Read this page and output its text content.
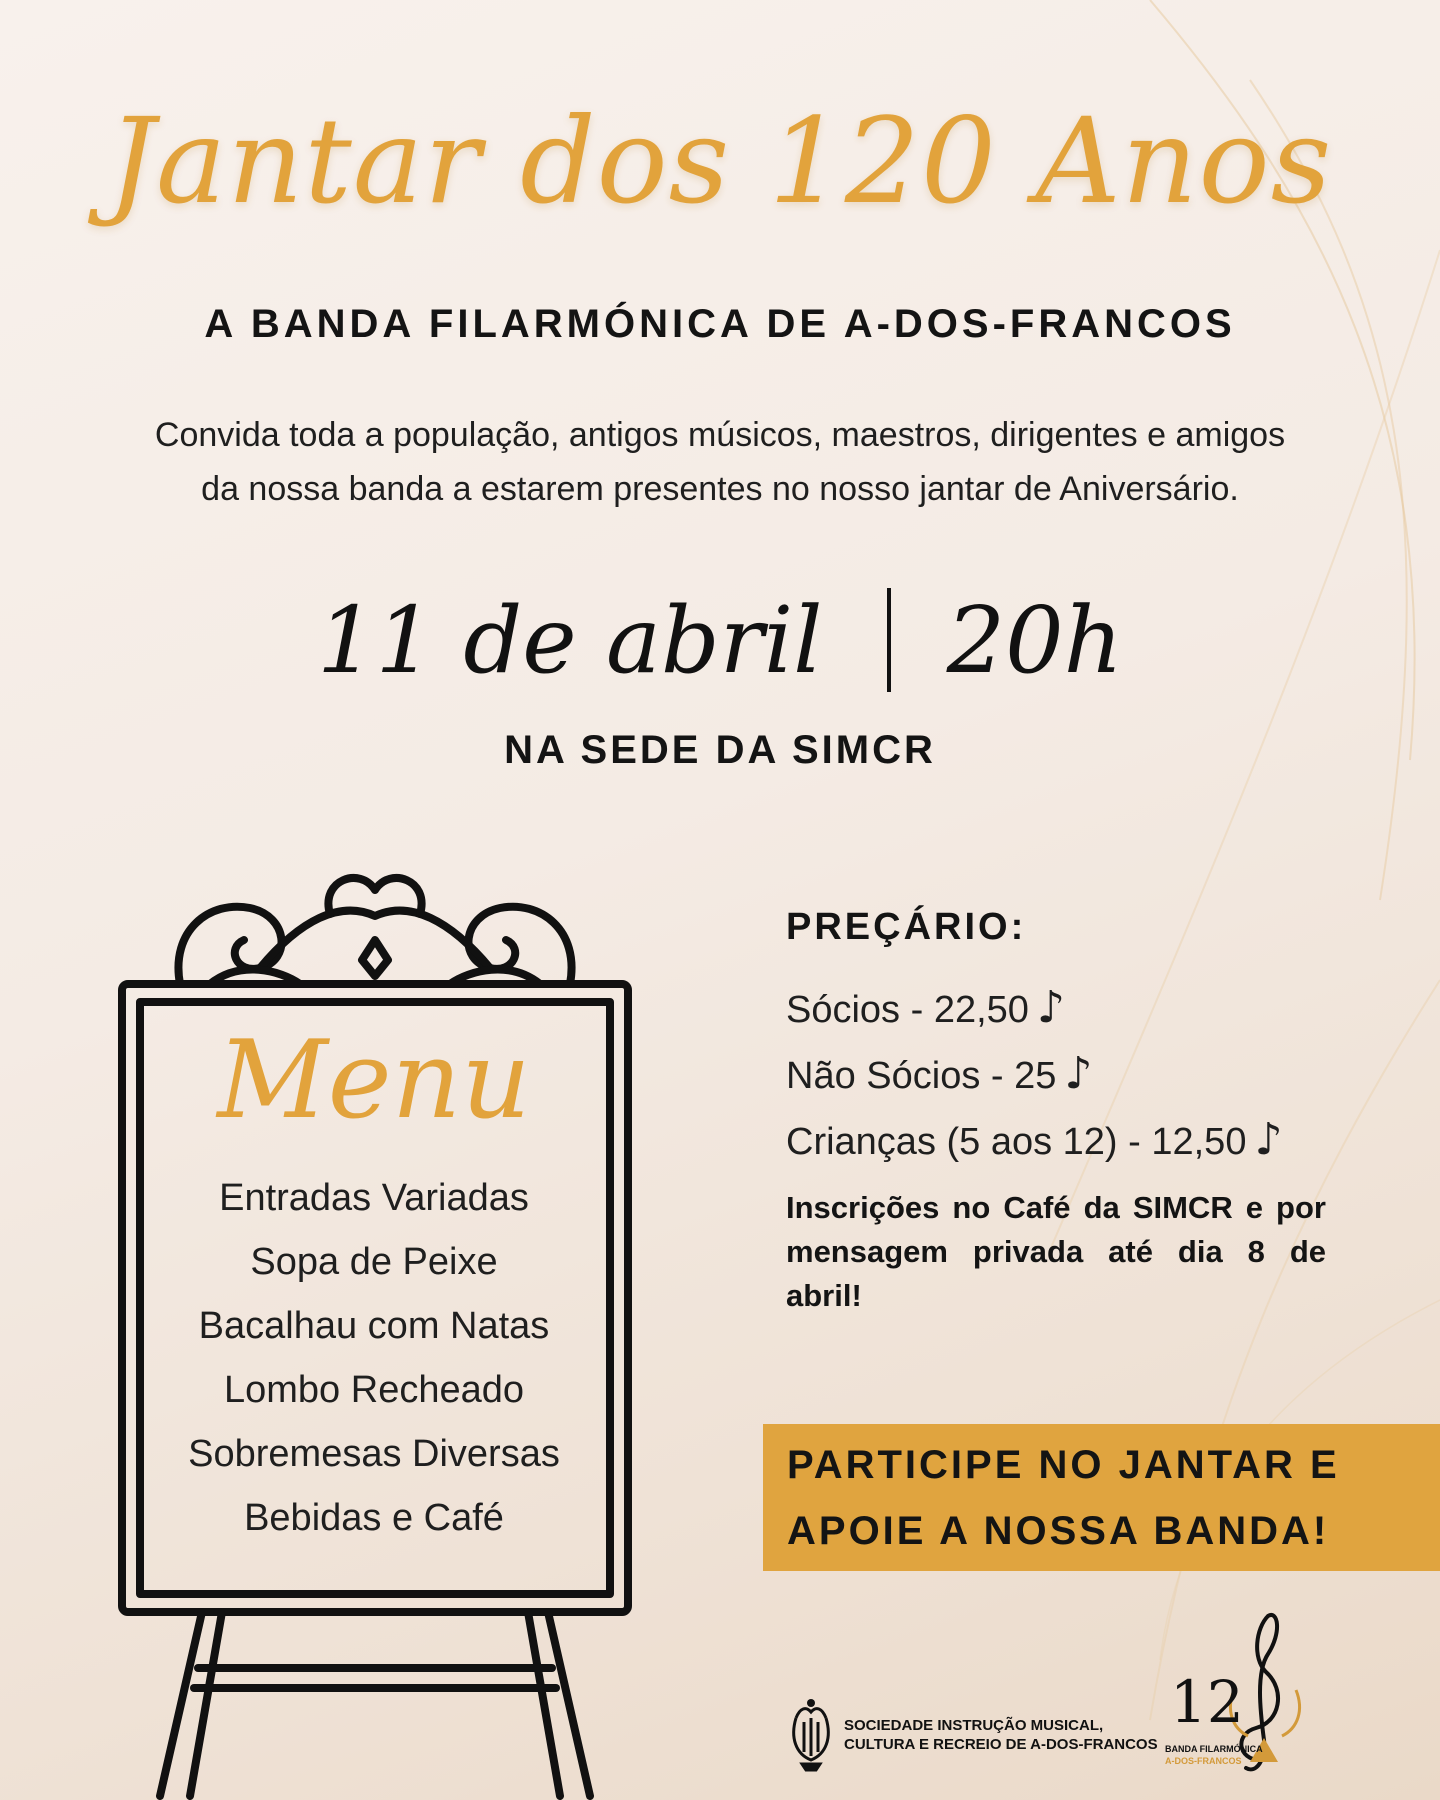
Jantar dos 120 Anos
A BANDA FILARMÓNICA DE A-DOS-FRANCOS
Convida toda a população, antigos músicos, maestros, dirigentes e amigos
da nossa banda a estarem presentes no nosso jantar de Aniversário.
11 de abril 20h
NA SEDE DA SIMCR
Menu
Entradas Variadas
Sopa de Peixe
Bacalhau com Natas
Lombo Recheado
Sobremesas Diversas
Bebidas e Café
PREÇÁRIO:
Sócios - 22,50 ♪
Não Sócios - 25 ♪
Crianças (5 aos 12) - 12,50 ♪
Inscrições no Café da SIMCR e por mensagem privada até dia 8 de abril!
PARTICIPE NO JANTAR E
APOIE A NOSSA BANDA!
SOCIEDADE INSTRUÇÃO MUSICAL,
CULTURA E RECREIO DE A-DOS-FRANCOS
12
BANDA FILARMÓNICA
A-DOS-FRANCOS
